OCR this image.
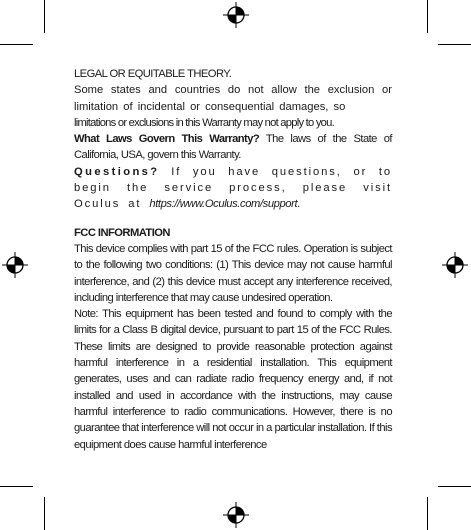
LEGAL OR EQUITABLE THEORY.

Some states and countries do not allow the exclusion or limitation of incidental or consequential damages, so

limitations or exclusions in this Warranty may not apply to you.

What Laws Govern This Warranty? The laws of the State of California, USA, govern this Warranty.

Questions? If you have questions, or to begin the service process, please visit Oculus at https://www.Oculus.com/support.

FCC INFORMATION

This device complies with part 15 of the FCC rules. Operation is subject to the following two conditions: (1) This device may not cause harmful interference, and (2) this device must accept any interference received, including interference that may cause undesired operation.

Note: This equipment has been tested and found to comply with the limits for a Class B digital device, pursuant to part 15 of the FCC Rules. These limits are designed to provide reasonable protection against harmful interference in a residential installation. This equipment generates, uses and can radiate radio frequency energy and, if not installed and used in accordance with the instructions, may cause harmful interference to radio communications. However, there is no guarantee that interference will not occur in a particular installation. If this equipment does cause harmful interference
